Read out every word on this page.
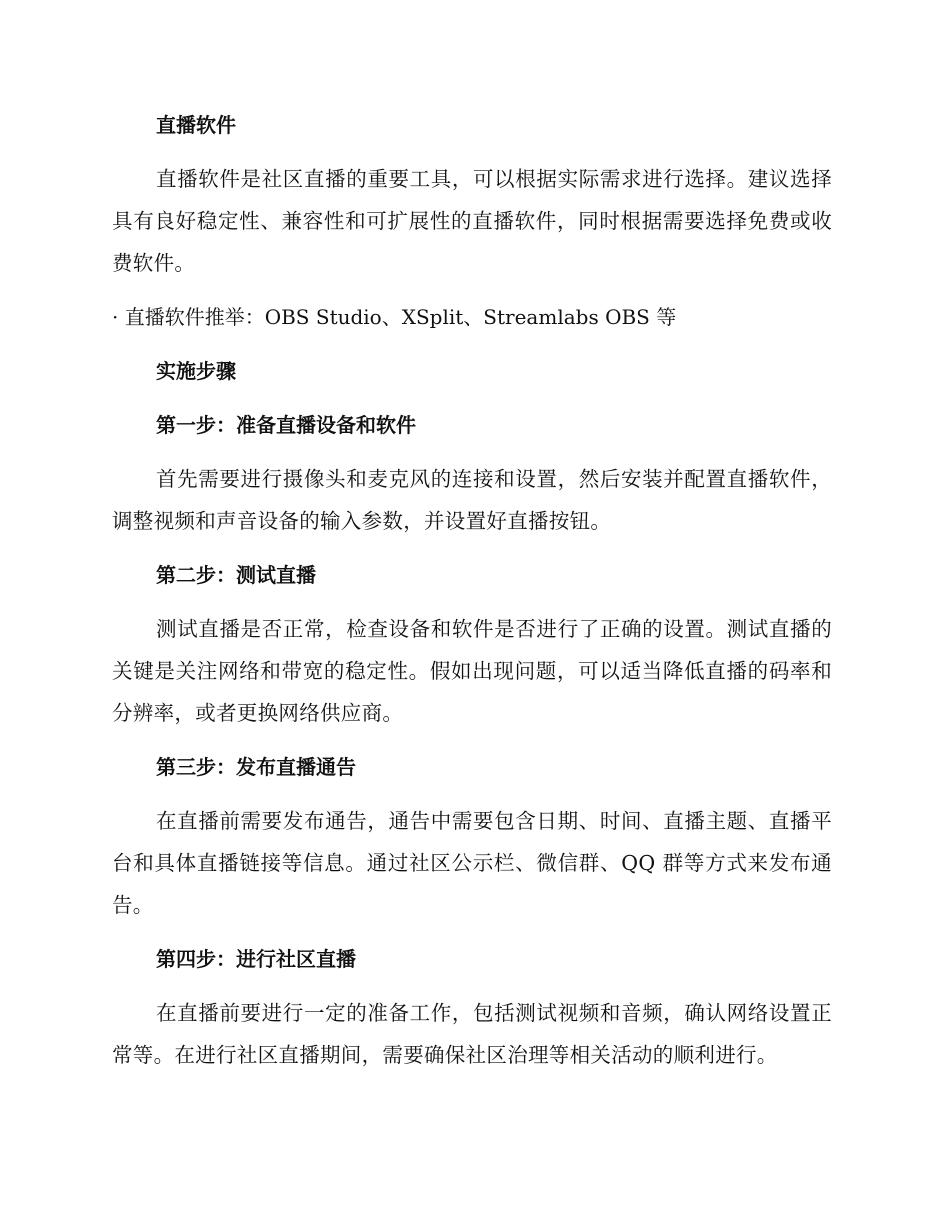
直播软件

直播软件是社区直播的重要工具，可以根据实际需求进行选择。建议选择具有良好稳定性、兼容性和可扩展性的直播软件，同时根据需要选择免费或收费软件。

· 直播软件推举：OBS Studio、XSplit、Streamlabs OBS 等

实施步骤
第一步：准备直播设备和软件

首先需要进行摄像头和麦克风的连接和设置，然后安装并配置直播软件，调整视频和声音设备的输入参数，并设置好直播按钮。

第二步：测试直播

测试直播是否正常，检查设备和软件是否进行了正确的设置。测试直播的关键是关注网络和带宽的稳定性。假如出现问题，可以适当降低直播的码率和分辨率，或者更换网络供应商。

第三步：发布直播通告

在直播前需要发布通告，通告中需要包含日期、时间、直播主题、直播平台和具体直播链接等信息。通过社区公示栏、微信群、QQ 群等方式来发布通告。

第四步：进行社区直播

在直播前要进行一定的准备工作，包括测试视频和音频，确认网络设置正常等。在进行社区直播期间，需要确保社区治理等相关活动的顺利进行。
